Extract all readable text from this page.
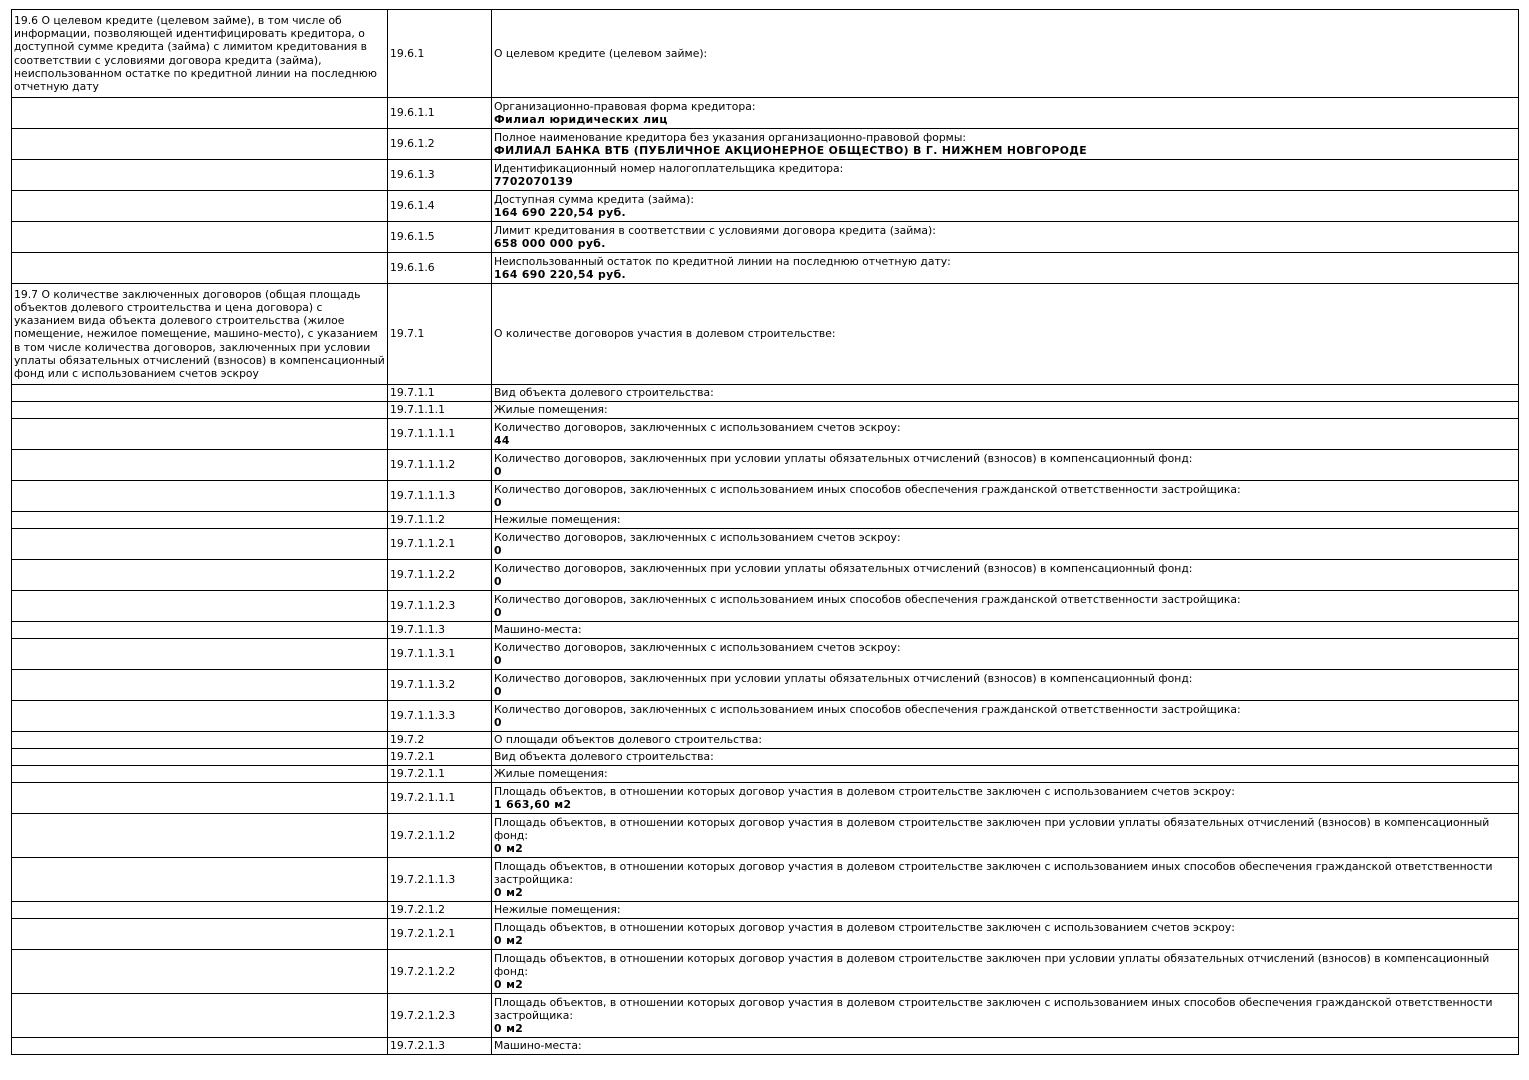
19.6 О целевом кредите (целевом займе), в том числе об информации, позволяющей идентифицировать кредитора, о доступной сумме кредита (займа) с лимитом кредитования в соответствии с условиями договора кредита (займа), неиспользованном остатке по кредитной линии на последнюю отчетную дату	19.6.1	О целевом кредите (целевом займе):

	19.6.1.1	Организационно-правовая форма кредитора:
Филиал юридических лиц

	19.6.1.2	Полное наименование кредитора без указания организационно-правовой формы:
ФИЛИАЛ БАНКА ВТБ (ПУБЛИЧНОЕ АКЦИОНЕРНОЕ ОБЩЕСТВО) В Г. НИЖНЕМ НОВГОРОДЕ

	19.6.1.3	Идентификационный номер налогоплательщика кредитора:
7702070139

	19.6.1.4	Доступная сумма кредита (займа):
164 690 220,54 руб.

	19.6.1.5	Лимит кредитования в соответствии с условиями договора кредита (займа):
658 000 000 руб.

	19.6.1.6	Неиспользованный остаток по кредитной линии на последнюю отчетную дату:
164 690 220,54 руб.

19.7 О количестве заключенных договоров (общая площадь объектов долевого строительства и цена договора) с указанием вида объекта долевого строительства (жилое помещение, нежилое помещение, машино-место), с указанием в том числе количества договоров, заключенных при условии уплаты обязательных отчислений (взносов) в компенсационный фонд или с использованием счетов эскроу	19.7.1	О количестве договоров участия в долевом строительстве:

	19.7.1.1	Вид объекта долевого строительства:

	19.7.1.1.1	Жилые помещения:

	19.7.1.1.1.1	Количество договоров, заключенных с использованием счетов эскроу:
44

	19.7.1.1.1.2	Количество договоров, заключенных при условии уплаты обязательных отчислений (взносов) в компенсационный фонд:
0

	19.7.1.1.1.3	Количество договоров, заключенных с использованием иных способов обеспечения гражданской ответственности застройщика:
0

	19.7.1.1.2	Нежилые помещения:

	19.7.1.1.2.1	Количество договоров, заключенных с использованием счетов эскроу:
0

	19.7.1.1.2.2	Количество договоров, заключенных при условии уплаты обязательных отчислений (взносов) в компенсационный фонд:
0

	19.7.1.1.2.3	Количество договоров, заключенных с использованием иных способов обеспечения гражданской ответственности застройщика:
0

	19.7.1.1.3	Машино-места:

	19.7.1.1.3.1	Количество договоров, заключенных с использованием счетов эскроу:
0

	19.7.1.1.3.2	Количество договоров, заключенных при условии уплаты обязательных отчислений (взносов) в компенсационный фонд:
0

	19.7.1.1.3.3	Количество договоров, заключенных с использованием иных способов обеспечения гражданской ответственности застройщика:
0

	19.7.2	О площади объектов долевого строительства:

	19.7.2.1	Вид объекта долевого строительства:

	19.7.2.1.1	Жилые помещения:

	19.7.2.1.1.1	Площадь объектов, в отношении которых договор участия в долевом строительстве заключен с использованием счетов эскроу:
1 663,60 м2

	19.7.2.1.1.2	Площадь объектов, в отношении которых договор участия в долевом строительстве заключен при условии уплаты обязательных отчислений (взносов) в компенсационный фонд:
0 м2

	19.7.2.1.1.3	Площадь объектов, в отношении которых договор участия в долевом строительстве заключен с использованием иных способов обеспечения гражданской ответственности застройщика:
0 м2

	19.7.2.1.2	Нежилые помещения:

	19.7.2.1.2.1	Площадь объектов, в отношении которых договор участия в долевом строительстве заключен с использованием счетов эскроу:
0 м2

	19.7.2.1.2.2	Площадь объектов, в отношении которых договор участия в долевом строительстве заключен при условии уплаты обязательных отчислений (взносов) в компенсационный фонд:
0 м2

	19.7.2.1.2.3	Площадь объектов, в отношении которых договор участия в долевом строительстве заключен с использованием иных способов обеспечения гражданской ответственности застройщика:
0 м2

	19.7.2.1.3	Машино-места:
